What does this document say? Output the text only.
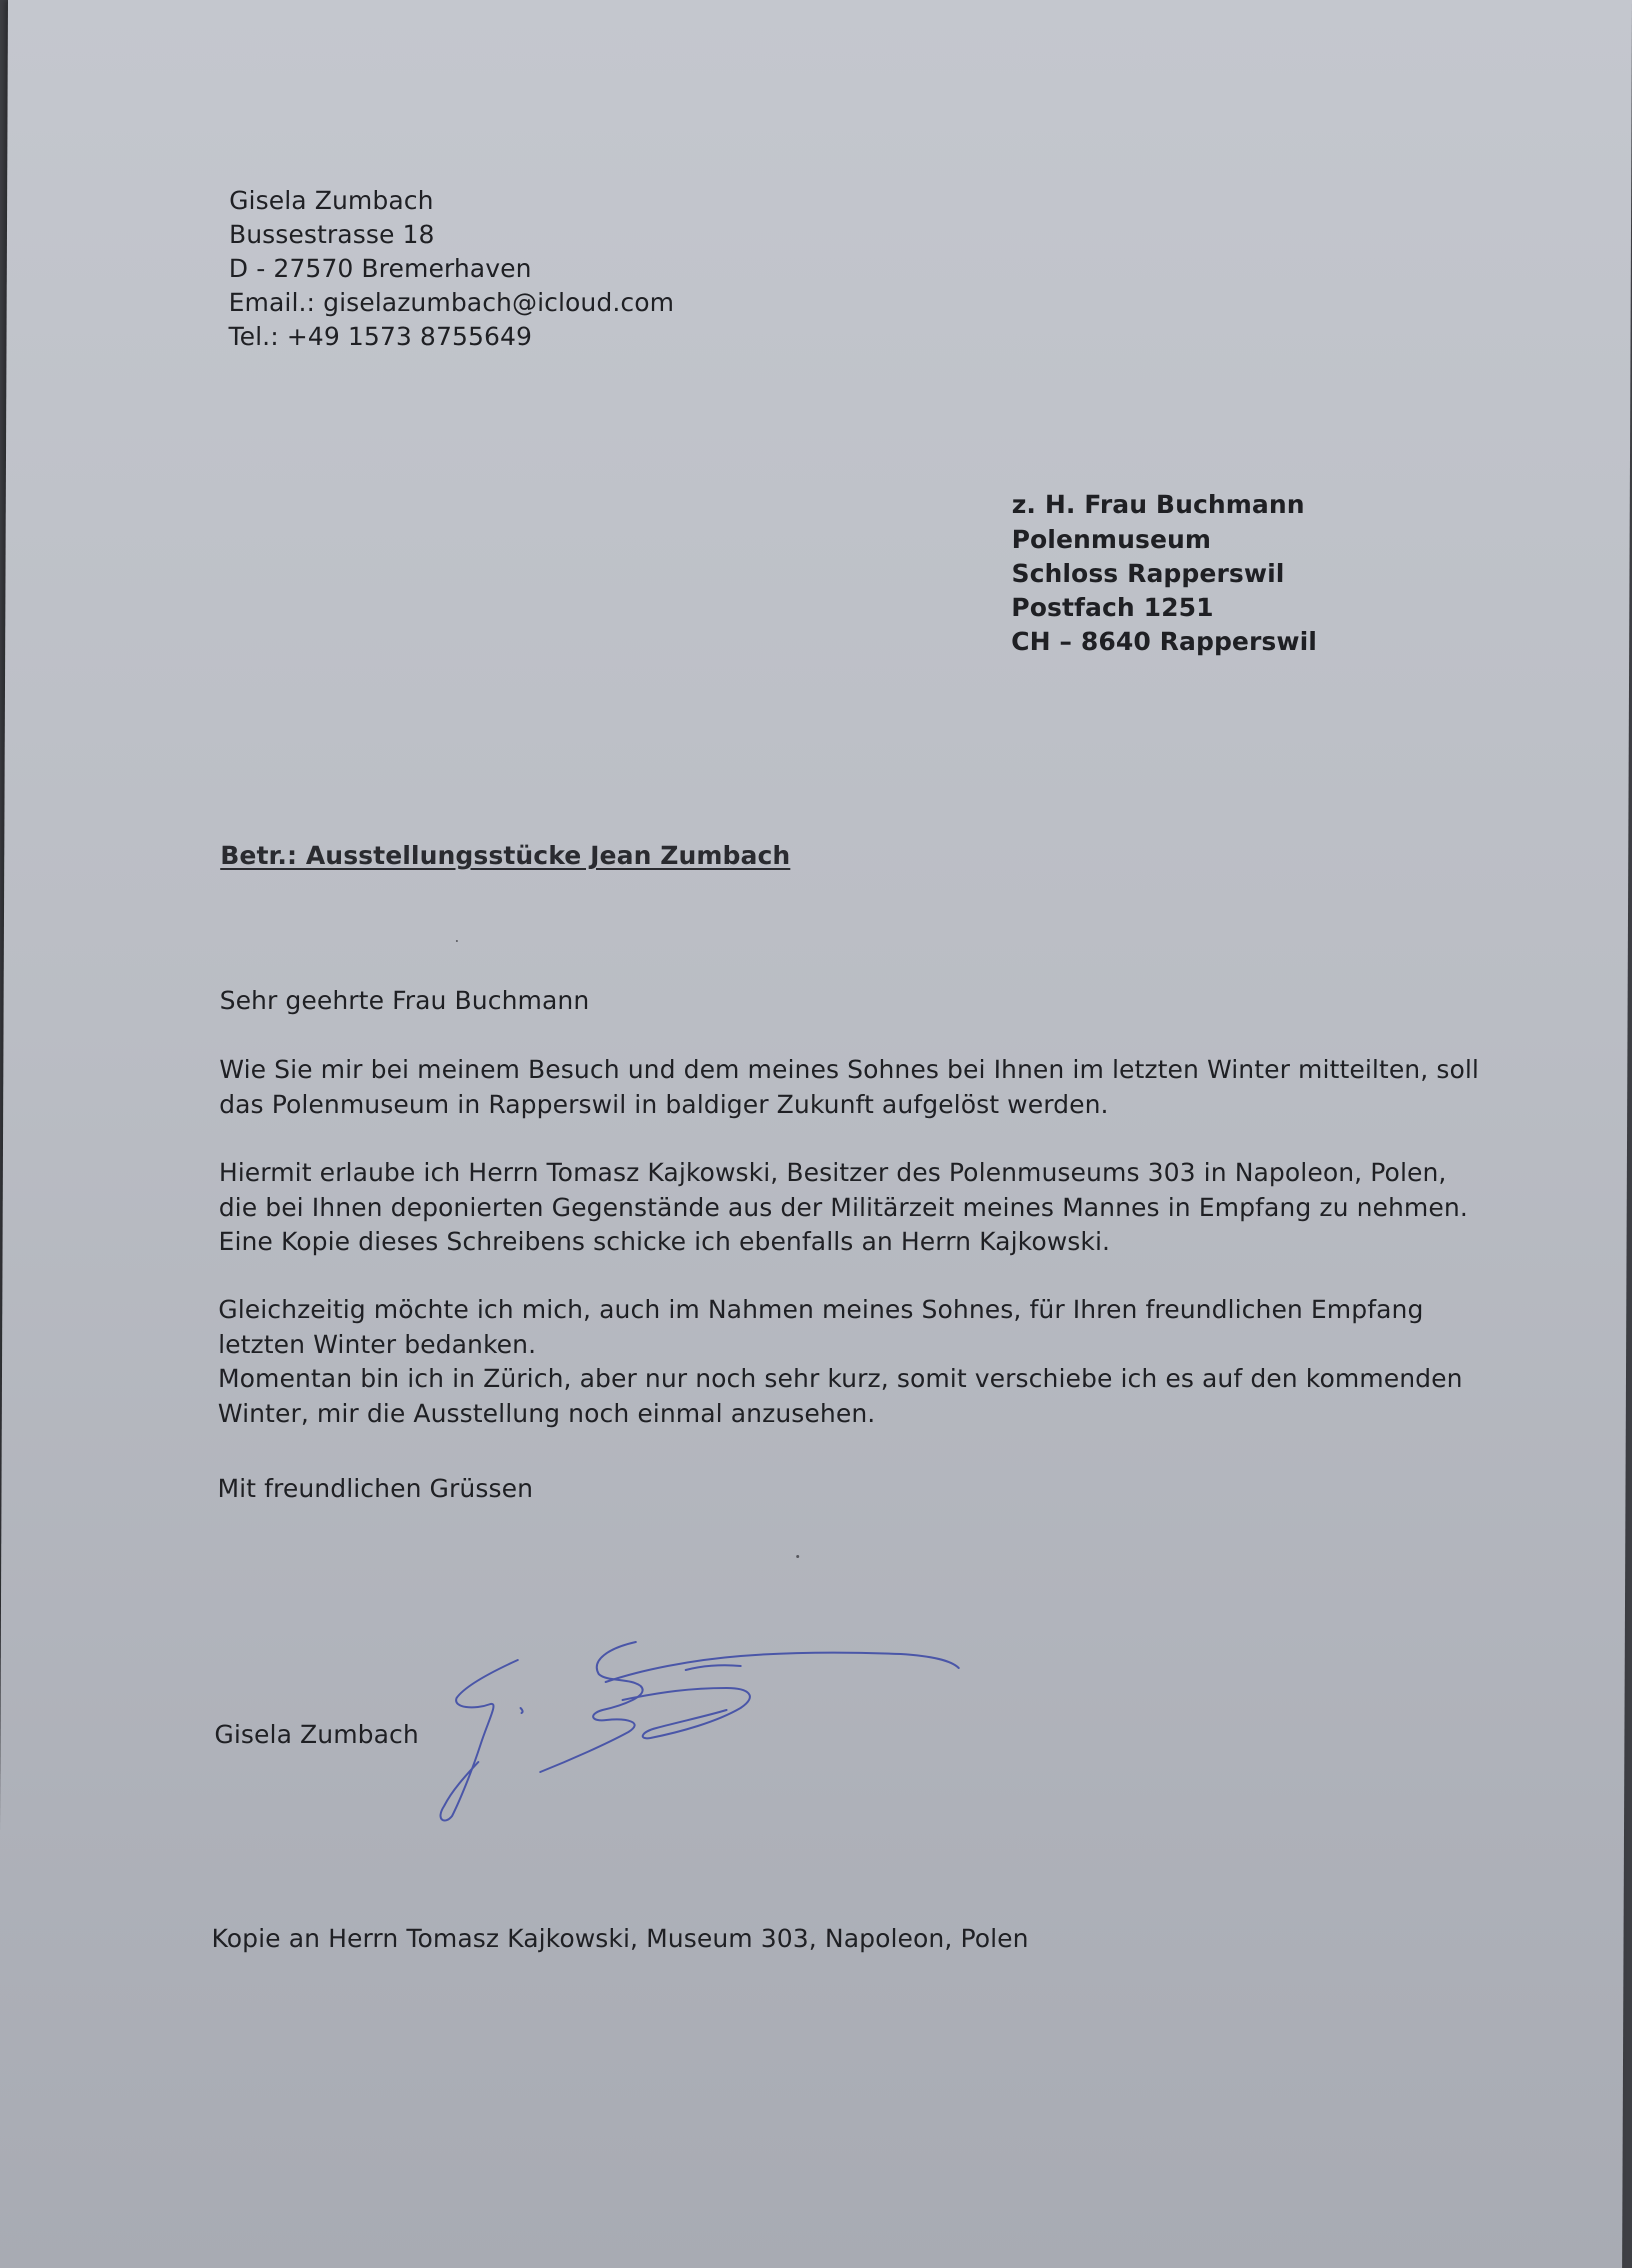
Gisela Zumbach

Bussestrasse 18

D - 27570 Bremerhaven

Email.: giselazumbach@icloud.com

Tel.: +49 1573 8755649

z. H. Frau Buchmann

Polenmuseum

Schloss Rapperswil

Postfach 1251

CH – 8640 Rapperswil

Betr.: Ausstellungsstücke Jean Zumbach

Sehr geehrte Frau Buchmann

Wie Sie mir bei meinem Besuch und dem meines Sohnes bei Ihnen im letzten Winter mitteilten, soll

das Polenmuseum in Rapperswil in baldiger Zukunft aufgelöst werden.

Hiermit erlaube ich Herrn Tomasz Kajkowski, Besitzer des Polenmuseums 303 in Napoleon, Polen,

die bei Ihnen deponierten Gegenstände aus der Militärzeit meines Mannes in Empfang zu nehmen.

Eine Kopie dieses Schreibens schicke ich ebenfalls an Herrn Kajkowski.

Gleichzeitig möchte ich mich, auch im Nahmen meines Sohnes, für Ihren freundlichen Empfang

letzten Winter bedanken.

Momentan bin ich in Zürich, aber nur noch sehr kurz, somit verschiebe ich es auf den kommenden

Winter, mir die Ausstellung noch einmal anzusehen.

Mit freundlichen Grüssen

Gisela Zumbach

Kopie an Herrn Tomasz Kajkowski, Museum 303, Napoleon, Polen
